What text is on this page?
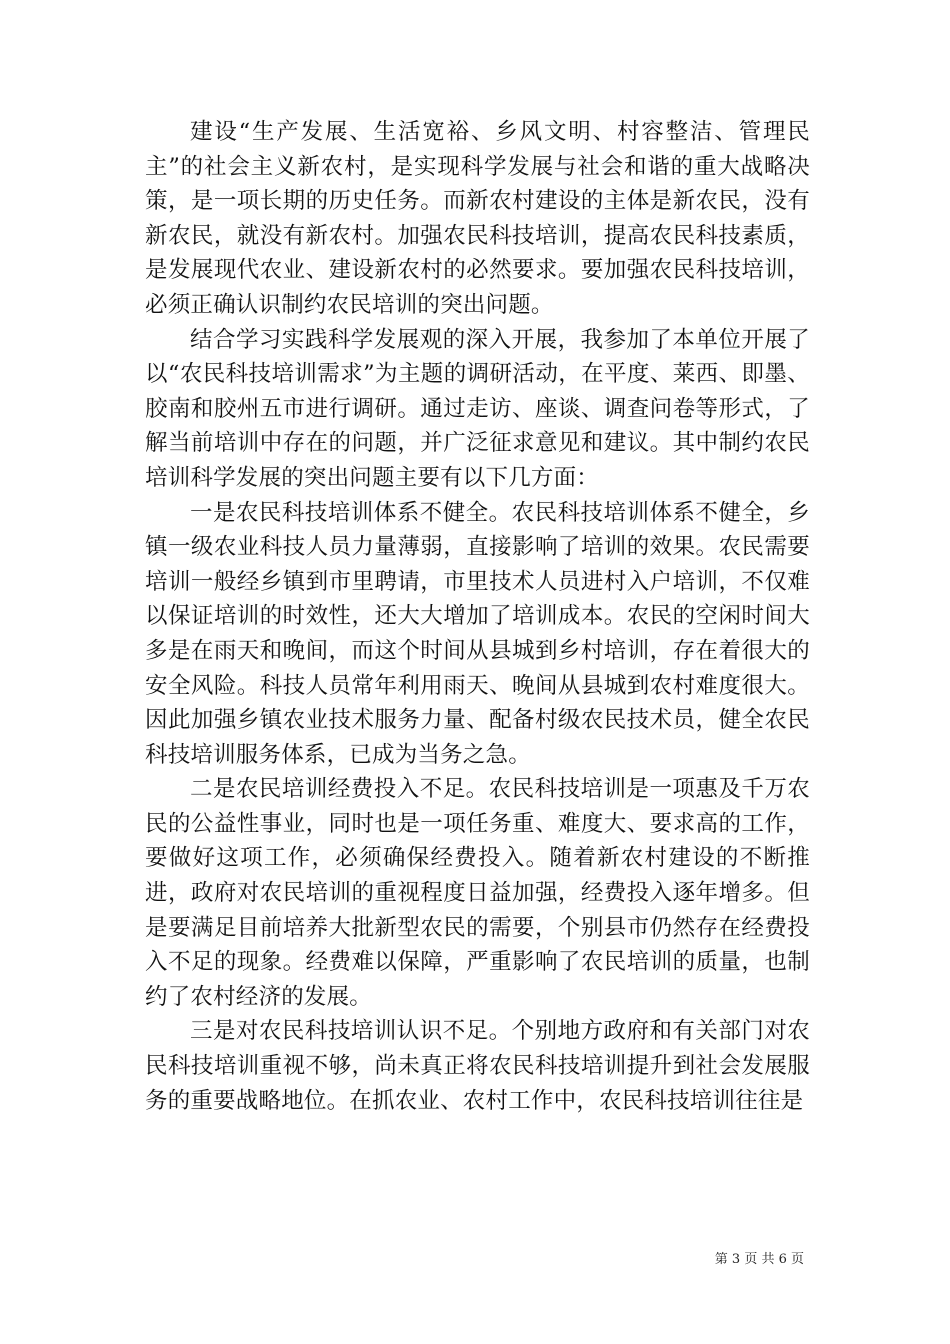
建设“生产发展、生活宽裕、乡风文明、村容整洁、管理民主”的社会主义新农村，是实现科学发展与社会和谐的重大战略决策，是一项长期的历史任务。而新农村建设的主体是新农民，没有新农民，就没有新农村。加强农民科技培训，提高农民科技素质，是发展现代农业、建设新农村的必然要求。要加强农民科技培训，必须正确认识制约农民培训的突出问题。

结合学习实践科学发展观的深入开展，我参加了本单位开展了以“农民科技培训需求”为主题的调研活动，在平度、莱西、即墨、胶南和胶州五市进行调研。通过走访、座谈、调查问卷等形式，了解当前培训中存在的问题，并广泛征求意见和建议。其中制约农民培训科学发展的突出问题主要有以下几方面：

一是农民科技培训体系不健全。农民科技培训体系不健全，乡镇一级农业科技人员力量薄弱，直接影响了培训的效果。农民需要培训一般经乡镇到市里聘请，市里技术人员进村入户培训，不仅难以保证培训的时效性，还大大增加了培训成本。农民的空闲时间大多是在雨天和晚间，而这个时间从县城到乡村培训，存在着很大的安全风险。科技人员常年利用雨天、晚间从县城到农村难度很大。因此加强乡镇农业技术服务力量、配备村级农民技术员，健全农民科技培训服务体系，已成为当务之急。

二是农民培训经费投入不足。农民科技培训是一项惠及千万农民的公益性事业，同时也是一项任务重、难度大、要求高的工作，要做好这项工作，必须确保经费投入。随着新农村建设的不断推进，政府对农民培训的重视程度日益加强，经费投入逐年增多。但是要满足目前培养大批新型农民的需要，个别县市仍然存在经费投入不足的现象。经费难以保障，严重影响了农民培训的质量，也制约了农村经济的发展。

三是对农民科技培训认识不足。个别地方政府和有关部门对农民科技培训重视不够，尚未真正将农民科技培训提升到社会发展服务的重要战略地位。在抓农业、农村工作中，农民科技培训往往是

第 3 页 共 6 页
